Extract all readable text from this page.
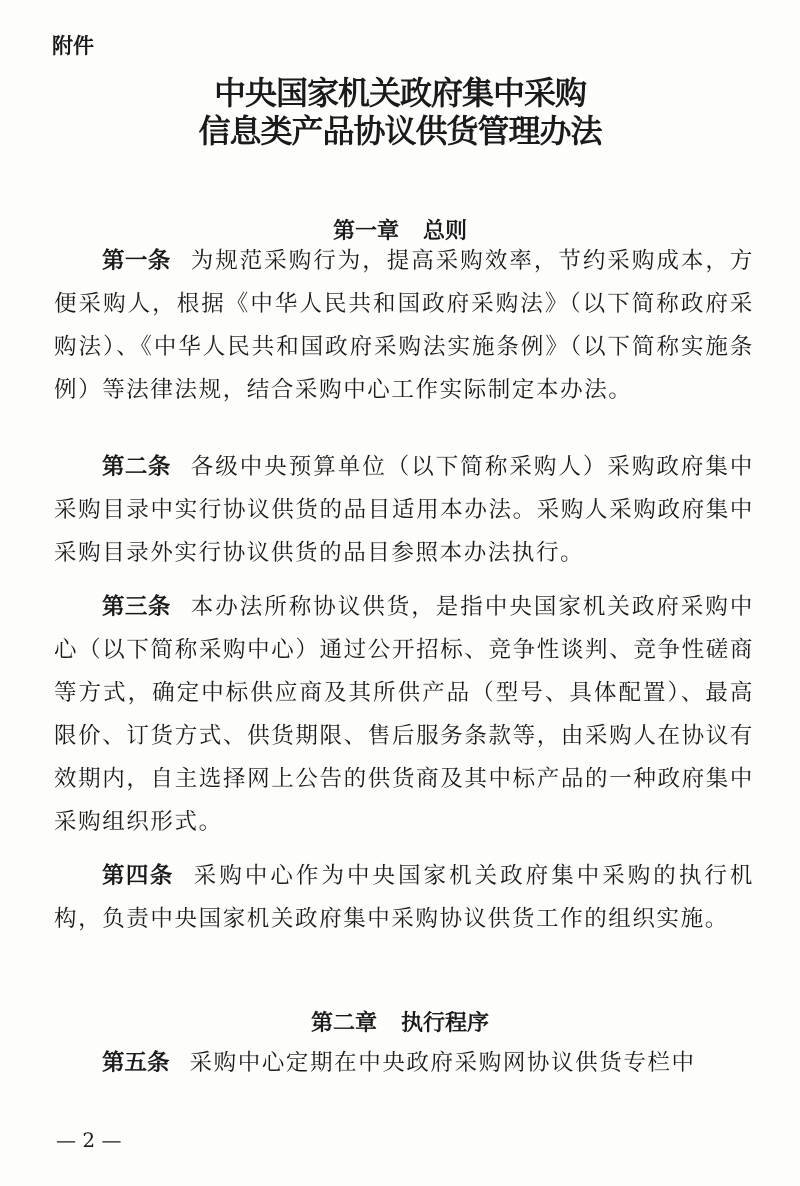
附件
中央国家机关政府集中采购
信息类产品协议供货管理办法
第一章 总则
第一条 为规范采购行为，提高采购效率，节约采购成本，方便采购人，根据《中华人民共和国政府采购法》（以下简称政府采购法）、《中华人民共和国政府采购法实施条例》（以下简称实施条例）等法律法规，结合采购中心工作实际制定本办法。
第二条 各级中央预算单位（以下简称采购人）采购政府集中采购目录中实行协议供货的品目适用本办法。采购人采购政府集中采购目录外实行协议供货的品目参照本办法执行。
第三条 本办法所称协议供货，是指中央国家机关政府采购中心（以下简称采购中心）通过公开招标、竞争性谈判、竞争性磋商等方式，确定中标供应商及其所供产品（型号、具体配置）、最高限价、订货方式、供货期限、售后服务条款等，由采购人在协议有效期内，自主选择网上公告的供货商及其中标产品的一种政府集中采购组织形式。
第四条 采购中心作为中央国家机关政府集中采购的执行机构，负责中央国家机关政府集中采购协议供货工作的组织实施。
第二章 执行程序
第五条 采购中心定期在中央政府采购网协议供货专栏中
— 2 —
